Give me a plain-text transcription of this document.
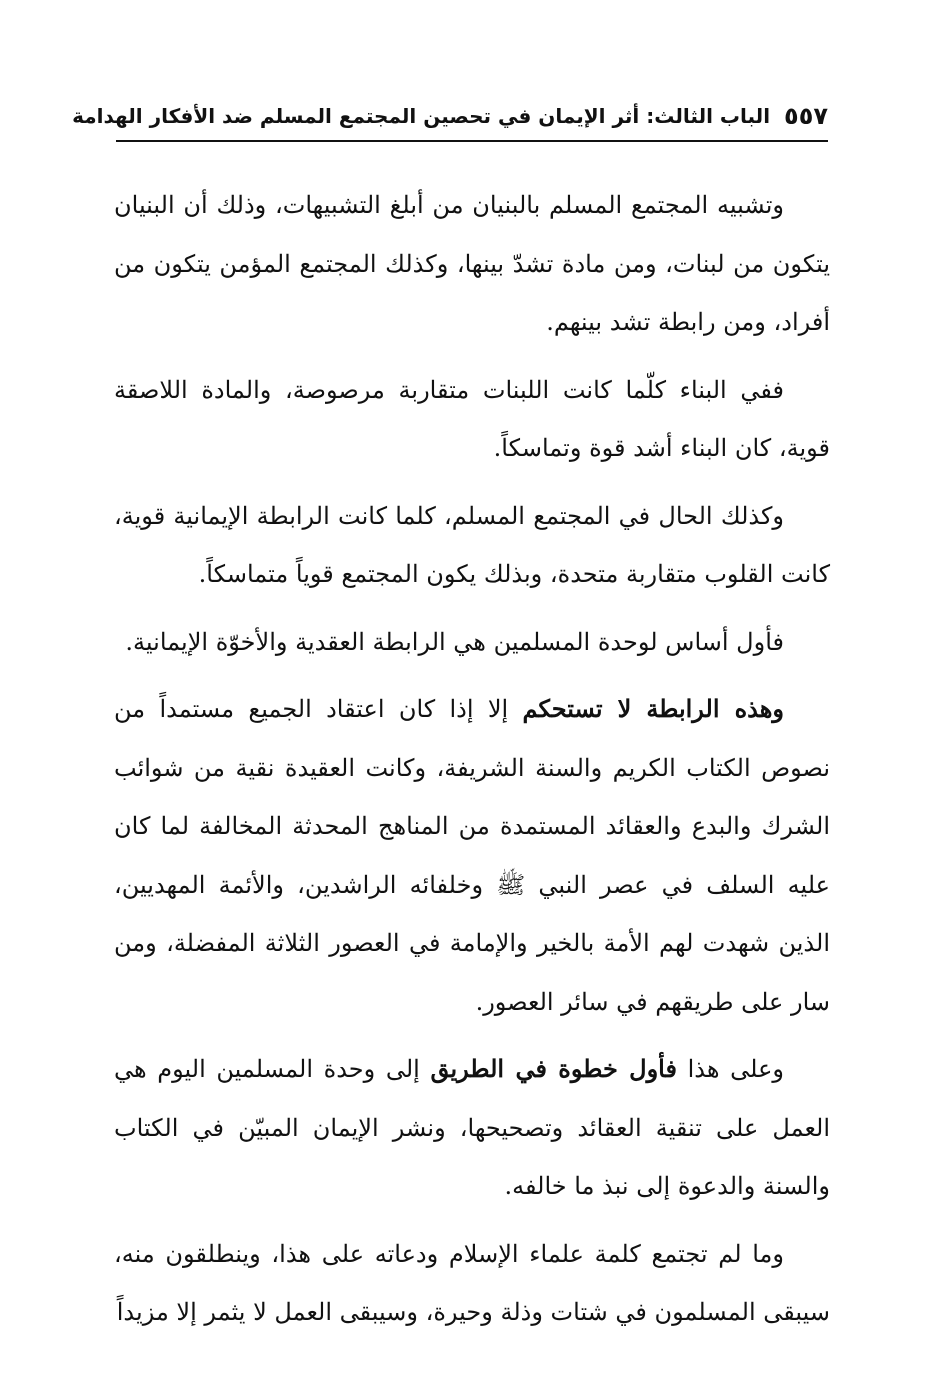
٥٥٧
الباب الثالث: أثر الإيمان في تحصين المجتمع المسلم ضد الأفكار الهدامة

وتشبيه المجتمع المسلم بالبنيان من أبلغ التشبيهات، وذلك أن البنيان يتكون من لبنات، ومن مادة تشدّ بينها، وكذلك المجتمع المؤمن يتكون من أفراد، ومن رابطة تشد بينهم.

ففي البناء كلّما كانت اللبنات متقاربة مرصوصة، والمادة اللاصقة قوية، كان البناء أشد قوة وتماسكاً.

وكذلك الحال في المجتمع المسلم، كلما كانت الرابطة الإيمانية قوية، كانت القلوب متقاربة متحدة، وبذلك يكون المجتمع قوياً متماسكاً.

فأول أساس لوحدة المسلمين هي الرابطة العقدية والأخوّة الإيمانية.

وهذه الرابطة لا تستحكم إلا إذا كان اعتقاد الجميع مستمداً من نصوص الكتاب الكريم والسنة الشريفة، وكانت العقيدة نقية من شوائب الشرك والبدع والعقائد المستمدة من المناهج المحدثة المخالفة لما كان عليه السلف في عصر النبي ﷺ وخلفائه الراشدين، والأئمة المهديين، الذين شهدت لهم الأمة بالخير والإمامة في العصور الثلاثة المفضلة، ومن سار على طريقهم في سائر العصور.

وعلى هذا فأول خطوة في الطريق إلى وحدة المسلمين اليوم هي العمل على تنقية العقائد وتصحيحها، ونشر الإيمان المبيّن في الكتاب والسنة والدعوة إلى نبذ ما خالفه.

وما لم تجتمع كلمة علماء الإسلام ودعاته على هذا، وينطلقون منه، سيبقى المسلمون في شتات وذلة وحيرة، وسيبقى العمل لا يثمر إلا مزيداً
